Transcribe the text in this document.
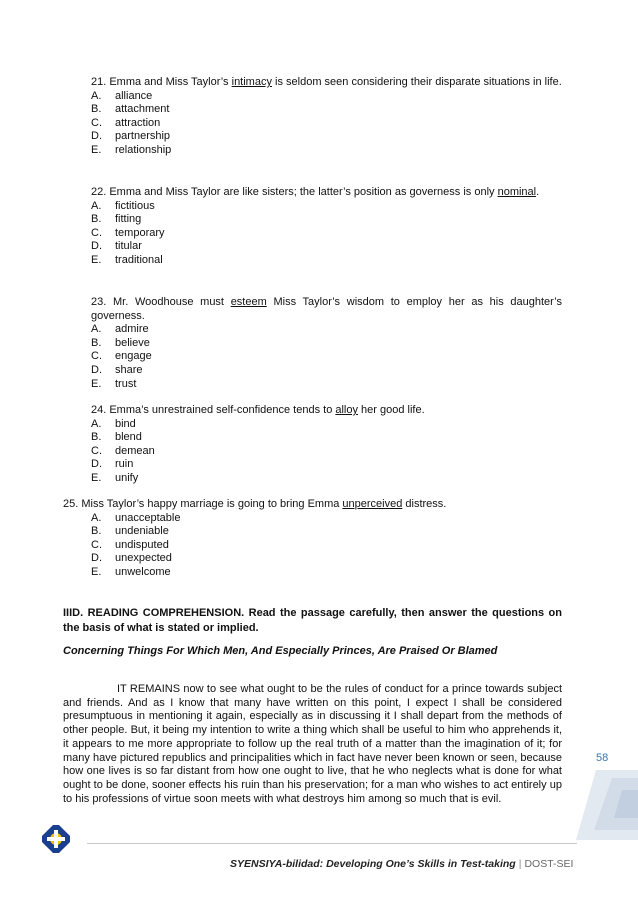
21. Emma and Miss Taylor’s intimacy is seldom seen considering their disparate situations in life.
A. alliance
B. attachment
C. attraction
D. partnership
E. relationship
22. Emma and Miss Taylor are like sisters; the latter’s position as governess is only nominal.
A. fictitious
B. fitting
C. temporary
D. titular
E. traditional
23. Mr. Woodhouse must esteem Miss Taylor’s wisdom to employ her as his daughter’s governess.
A. admire
B. believe
C. engage
D. share
E. trust
24. Emma’s unrestrained self-confidence tends to alloy her good life.
A. bind
B. blend
C. demean
D. ruin
E. unify
25. Miss Taylor’s happy marriage is going to bring Emma unperceived distress.
A. unacceptable
B. undeniable
C. undisputed
D. unexpected
E. unwelcome
IIID. READING COMPREHENSION. Read the passage carefully, then answer the questions on the basis of what is stated or implied.
Concerning Things For Which Men, And Especially Princes, Are Praised Or Blamed

IT REMAINS now to see what ought to be the rules of conduct for a prince towards subject and friends. And as I know that many have written on this point, I expect I shall be considered presumptuous in mentioning it again, especially as in discussing it I shall depart from the methods of other people. But, it being my intention to write a thing which shall be useful to him who apprehends it, it appears to me more appropriate to follow up the real truth of a matter than the imagination of it; for many have pictured republics and principalities which in fact have never been known or seen, because how one lives is so far distant from how one ought to live, that he who neglects what is done for what ought to be done, sooner effects his ruin than his preservation; for a man who wishes to act entirely up to his professions of virtue soon meets with what destroys him among so much that is evil.

58
SYENSIYA-bilidad: Developing One’s Skills in Test-taking | DOST-SEI
